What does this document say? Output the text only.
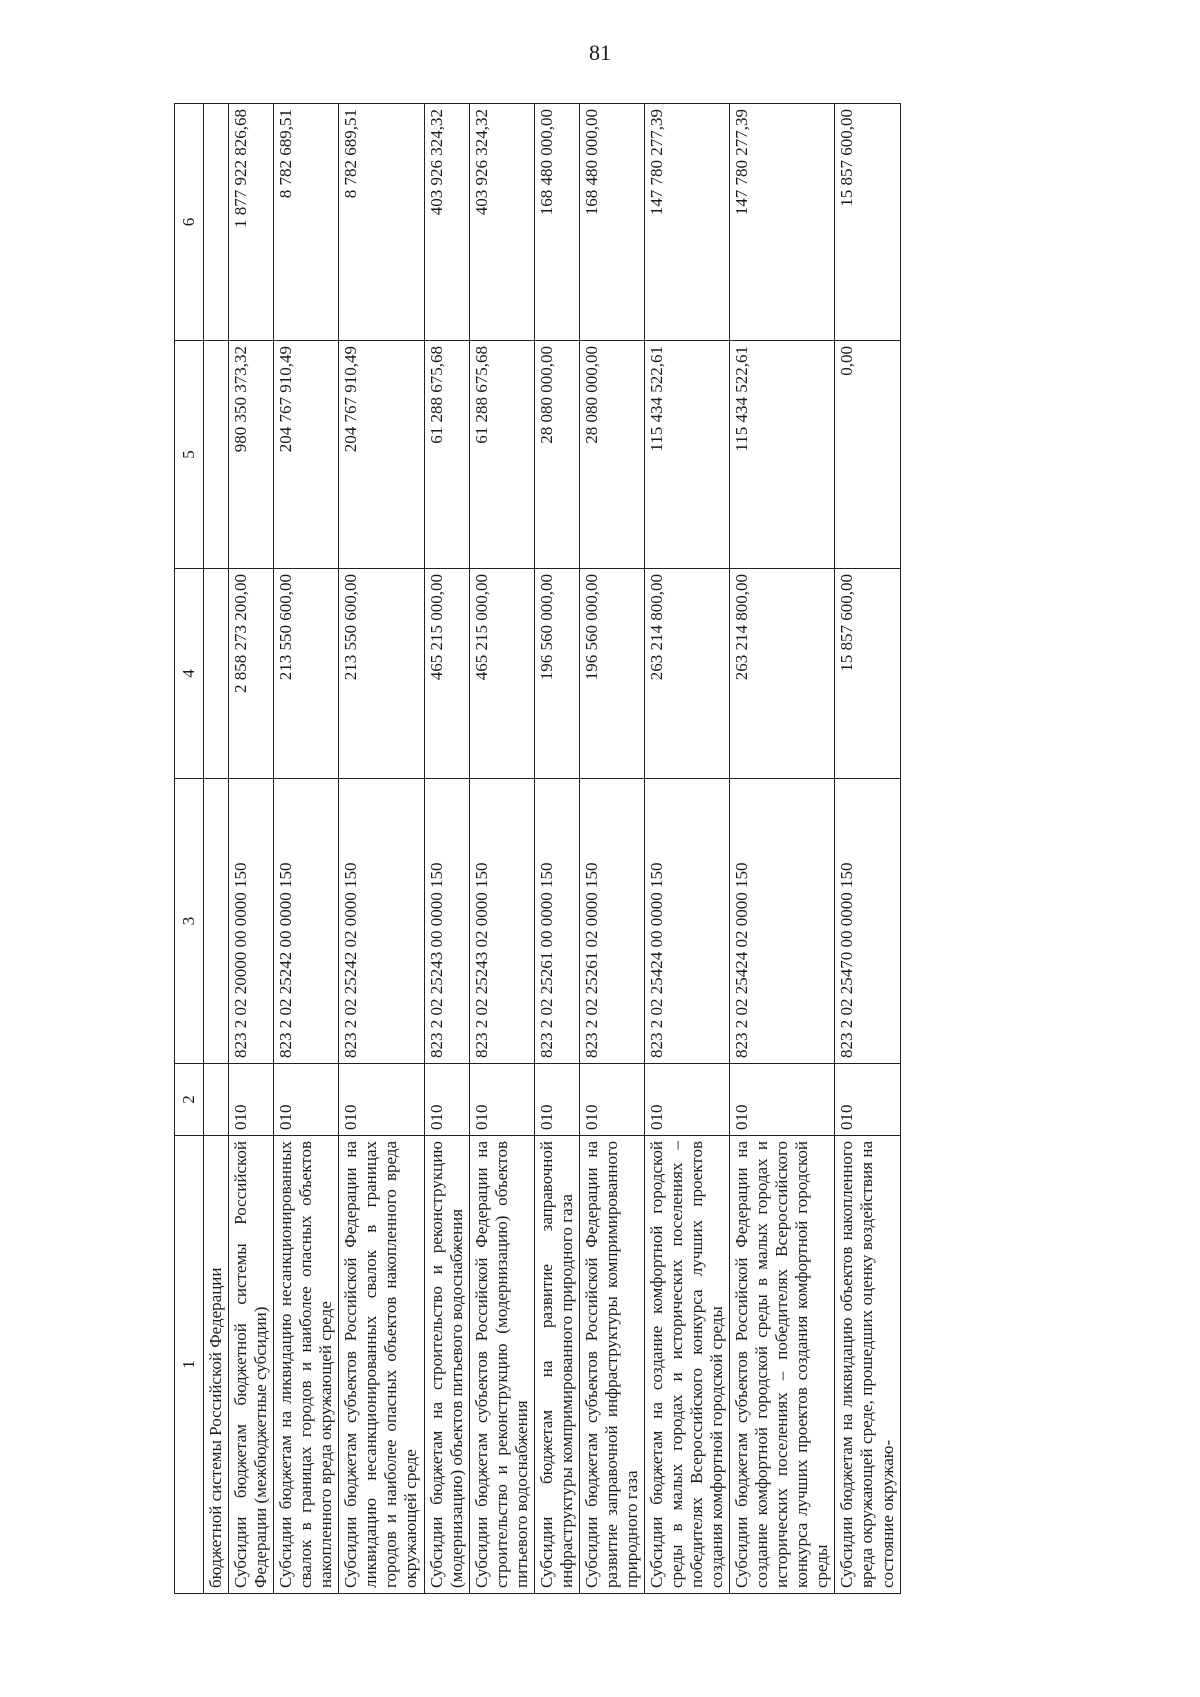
81
1	2	3	4	5	6
бюджетной системы Российской Федерации					
Субсидии бюджетам бюджетной системы Российской Федерации (межбюджетные субсидии)	010	823 2 02 20000 00 0000 150	2 858 273 200,00	980 350 373,32	1 877 922 826,68
Субсидии бюджетам на ликвидацию несанкционированных свалок в границах городов и наиболее опасных объектов накопленного вреда окружающей среде	010	823 2 02 25242 00 0000 150	213 550 600,00	204 767 910,49	8 782 689,51
Субсидии бюджетам субъектов Российской Федерации на ликвидацию несанкционированных свалок в границах городов и наиболее опасных объектов накопленного вреда окружающей среде	010	823 2 02 25242 02 0000 150	213 550 600,00	204 767 910,49	8 782 689,51
Субсидии бюджетам на строительство и реконструкцию (модернизацию) объектов питьевого водоснабжения	010	823 2 02 25243 00 0000 150	465 215 000,00	61 288 675,68	403 926 324,32
Субсидии бюджетам субъектов Российской Федерации на строительство и реконструкцию (модернизацию) объектов питьевого водоснабжения	010	823 2 02 25243 02 0000 150	465 215 000,00	61 288 675,68	403 926 324,32
Субсидии бюджетам на развитие заправочной инфраструктуры компримированного природного газа	010	823 2 02 25261 00 0000 150	196 560 000,00	28 080 000,00	168 480 000,00
Субсидии бюджетам субъектов Российской Федерации на развитие заправочной инфраструктуры компримированного природного газа	010	823 2 02 25261 02 0000 150	196 560 000,00	28 080 000,00	168 480 000,00
Субсидии бюджетам на создание комфортной городской среды в малых городах и исторических поселениях – победителях Всероссийского конкурса лучших проектов создания комфортной городской среды	010	823 2 02 25424 00 0000 150	263 214 800,00	115 434 522,61	147 780 277,39
Субсидии бюджетам субъектов Российской Федерации на создание комфортной городской среды в малых городах и исторических поселениях – победителях Всероссийского конкурса лучших проектов создания комфортной городской среды	010	823 2 02 25424 02 0000 150	263 214 800,00	115 434 522,61	147 780 277,39
Субсидии бюджетам на ликвидацию объектов накопленного вреда окружающей среде, прошедших оценку воздействия на состояние окружаю-	010	823 2 02 25470 00 0000 150	15 857 600,00	0,00	15 857 600,00
